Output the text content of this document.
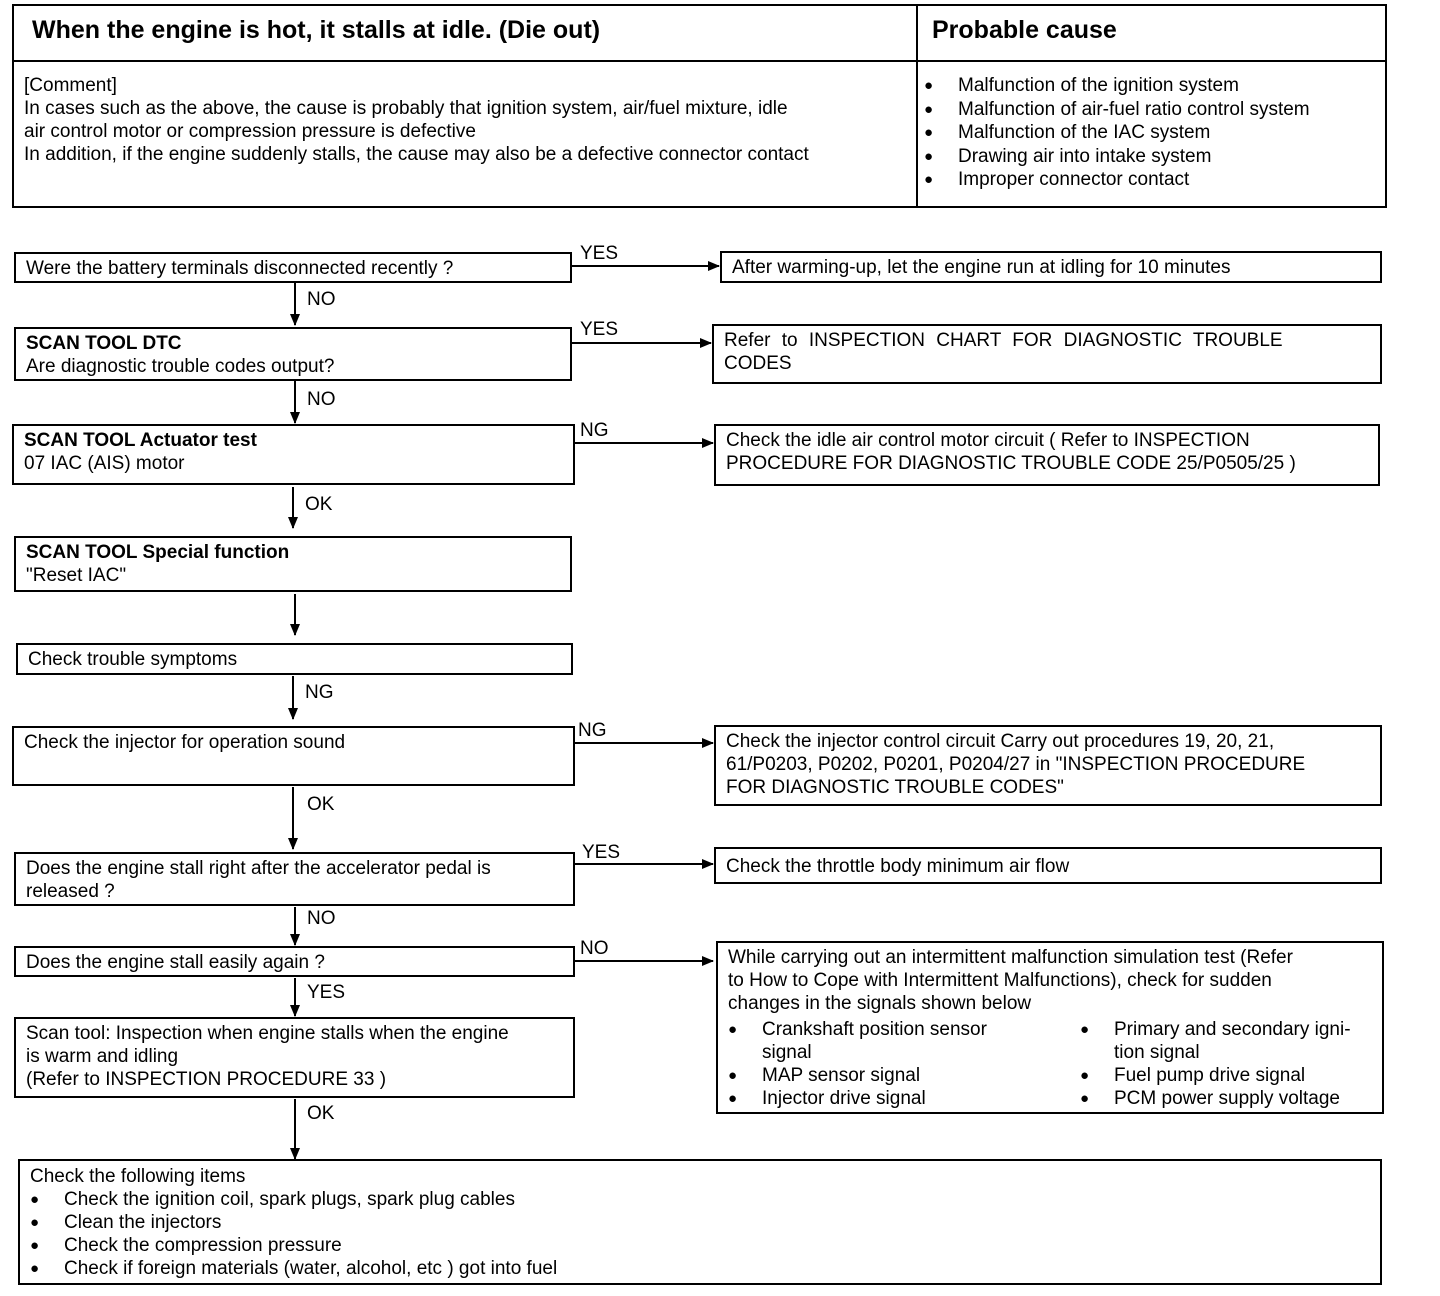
When the engine is hot, it stalls at idle. (Die out)	Probable cause
[Comment]
In cases such as the above, the cause is probably that ignition system, air/fuel mixture, idle
air control motor or compression pressure is defective
In addition, if the engine suddenly stalls, the cause may also be a defective connector contact
● Malfunction of the ignition system
● Malfunction of air-fuel ratio control system
● Malfunction of the IAC system
● Drawing air into intake system
● Improper connector contact
YES
NO
YES
NO
NG
OK
NG
NG
OK
YES
NO
NO
YES
OK
Were the battery terminals disconnected recently ?
SCAN TOOL DTC
Are diagnostic trouble codes output?
SCAN TOOL Actuator test
07 IAC (AIS) motor
SCAN TOOL Special function
"Reset IAC"
Check trouble symptoms
Check the injector for operation sound
Does the engine stall right after the accelerator pedal is
released ?
Does the engine stall easily again ?
Scan tool: Inspection when engine stalls when the engine
is warm and idling
(Refer to INSPECTION PROCEDURE 33 )
Check the following items
● Check the ignition coil, spark plugs, spark plug cables
● Clean the injectors
● Check the compression pressure
● Check if foreign materials (water, alcohol, etc ) got into fuel
After warming-up, let the engine run at idling for 10 minutes
Refer to INSPECTION CHART FOR DIAGNOSTIC TROUBLE
CODES
Check the idle air control motor circuit ( Refer to INSPECTION
PROCEDURE FOR DIAGNOSTIC TROUBLE CODE 25/P0505/25 )
Check the injector control circuit Carry out procedures 19, 20, 21,
61/P0203, P0202, P0201, P0204/27 in "INSPECTION PROCEDURE
FOR DIAGNOSTIC TROUBLE CODES"
Check the throttle body minimum air flow
While carrying out an intermittent malfunction simulation test (Refer
to How to Cope with Intermittent Malfunctions), check for sudden
changes in the signals shown below
● Crankshaft position sensor
signal
● MAP sensor signal
● Injector drive signal
● Primary and secondary igni-
tion signal
● Fuel pump drive signal
● PCM power supply voltage
